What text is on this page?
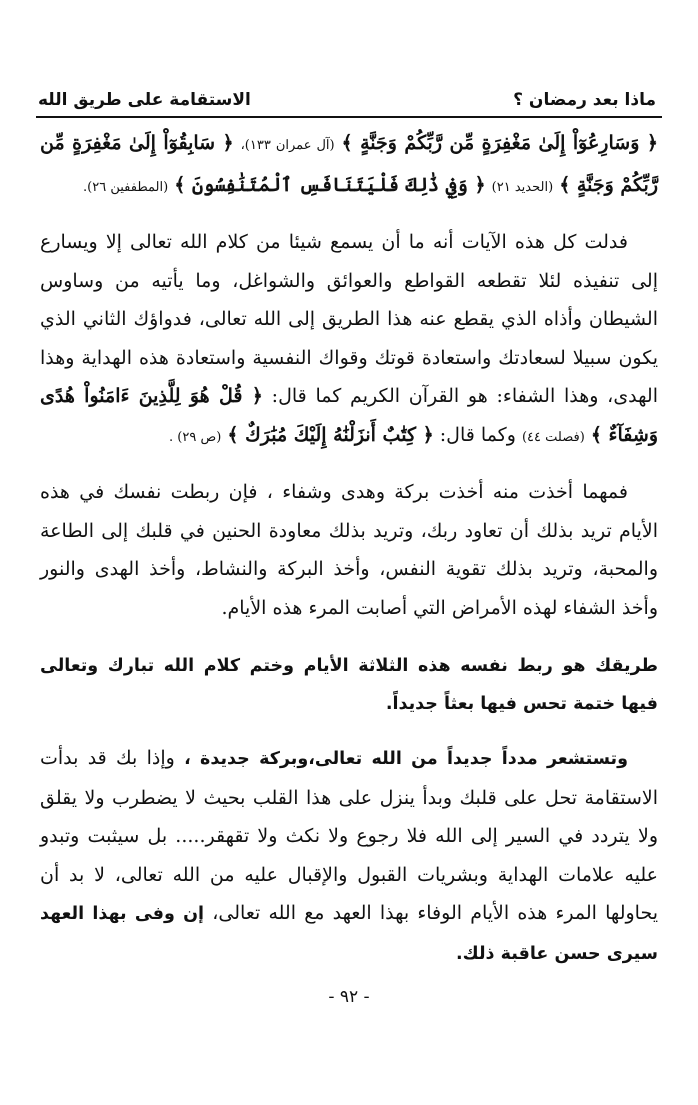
ماذا بعد رمضان ؟
الاستقامة على طريق الله

﴿ وَسَارِعُوٓاْ إِلَىٰ مَغْفِرَةٍ مِّن رَّبِّكُمْ وَجَنَّةٍ ﴾ (آل عمران ١٣٣)، ﴿ سَابِقُوٓاْ إِلَىٰ مَغْفِرَةٍ مِّن رَّبِّكُمْ وَجَنَّةٍ ﴾ (الحديد ٢١) ﴿ وَفِي ذَٰلِكَ فَلْيَتَنَافَسِ ٱلْمُتَنَٰفِسُونَ ﴾ (المطففين ٢٦).

فدلت كل هذه الآيات أنه ما أن يسمع شيئا من كلام الله تعالى إلا ويسارع إلى تنفيذه لئلا تقطعه القواطع والعوائق والشواغل، وما يأتيه من وساوس الشيطان وأذاه الذي يقطع عنه هذا الطريق إلى الله تعالى، فدواؤك الثاني الذي يكون سبيلا لسعادتك واستعادة قوتك وقواك النفسية واستعادة هذه الهداية وهذا الهدى، وهذا الشفاء: هو القرآن الكريم كما قال: ﴿ قُلْ هُوَ لِلَّذِينَ ءَامَنُواْ هُدًى وَشِفَآءٌ ﴾ (فصلت ٤٤) وكما قال: ﴿ كِتَٰبٌ أَنزَلْنَٰهُ إِلَيْكَ مُبَٰرَكٌ ﴾ (ص ٢٩) .

فمهما أخذت منه أخذت بركة وهدى وشفاء ، فإن ربطت نفسك في هذه الأيام تريد بذلك أن تعاود ربك، وتريد بذلك معاودة الحنين في قلبك إلى الطاعة والمحبة، وتريد بذلك تقوية النفس، وأخذ البركة والنشاط، وأخذ الهدى والنور وأخذ الشفاء لهذه الأمراض التي أصابت المرء هذه الأيام.

طريقك هو ربط نفسه هذه الثلاثة الأيام وختم كلام الله تبارك وتعالى فيها ختمة تحس فيها بعثاً جديداً.

وتستشعر مدداً جديداً من الله تعالى،وبركة جديدة ، وإذا بك قد بدأت الاستقامة تحل على قلبك وبدأ ينزل على هذا القلب بحيث لا يضطرب ولا يقلق ولا يتردد في السير إلى الله فلا رجوع ولا نكث ولا تقهقر..... بل سيثبت وتبدو عليه علامات الهداية وبشريات القبول والإقبال عليه من الله تعالى، لا بد أن يحاولها المرء هذه الأيام الوفاء بهذا العهد مع الله تعالى، إن وفى بهذا العهد سيرى حسن عاقبة ذلك.

- ٩٢ -
